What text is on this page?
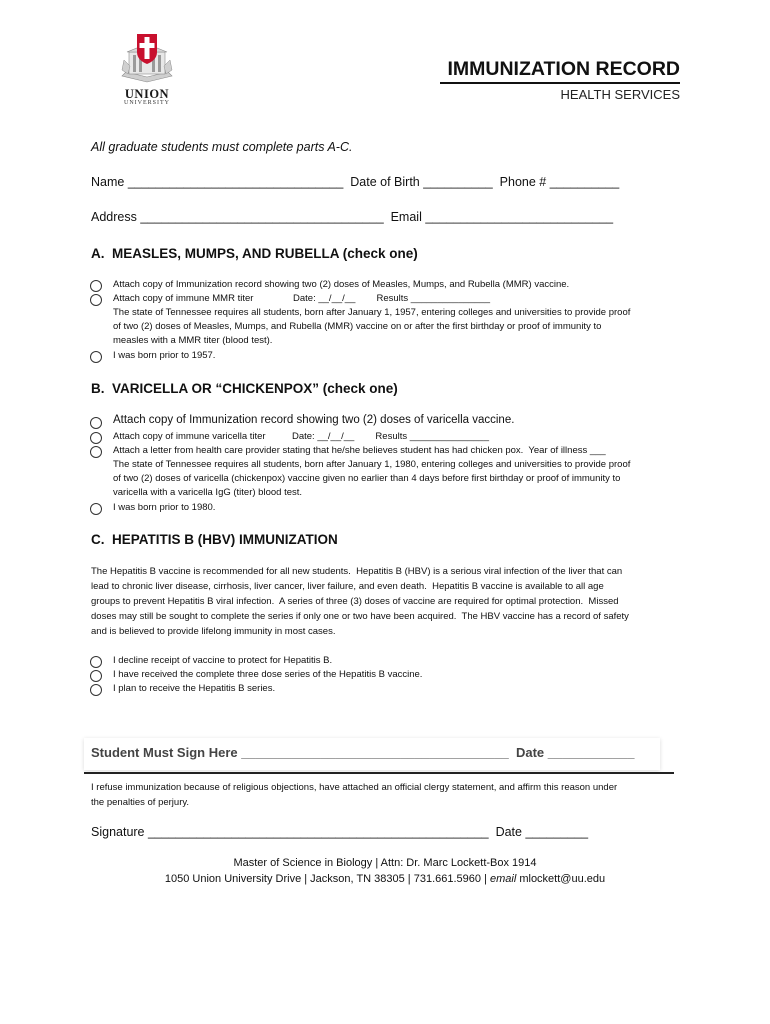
UNION
UNIVERSITY
IMMUNIZATION RECORD
HEALTH SERVICES
All graduate students must complete parts A-C.
Name _______________________________  Date of Birth __________  Phone # __________
Address ___________________________________  Email ___________________________
A.  MEASLES, MUMPS, AND RUBELLA (check one)
Attach copy of Immunization record showing two (2) doses of Measles, Mumps, and Rubella (MMR) vaccine.
Attach copy of immune MMR titer               Date: __/__/__        Results _______________
The state of Tennessee requires all students, born after January 1, 1957, entering colleges and universities to provide proof
of two (2) doses of Measles, Mumps, and Rubella (MMR) vaccine on or after the first birthday or proof of immunity to
measles with a MMR titer (blood test).
I was born prior to 1957.
B.  VARICELLA OR “CHICKENPOX” (check one)
Attach copy of Immunization record showing two (2) doses of varicella vaccine.
Attach copy of immune varicella titer          Date: __/__/__        Results _______________
Attach a letter from health care provider stating that he/she believes student has had chicken pox.  Year of illness ___
The state of Tennessee requires all students, born after January 1, 1980, entering colleges and universities to provide proof
of two (2) doses of varicella (chickenpox) vaccine given no earlier than 4 days before first birthday or proof of immunity to
varicella with a varicella IgG (titer) blood test.
I was born prior to 1980.
C.  HEPATITIS B (HBV) IMMUNIZATION
The Hepatitis B vaccine is recommended for all new students.  Hepatitis B (HBV) is a serious viral infection of the liver that can
lead to chronic liver disease, cirrhosis, liver cancer, liver failure, and even death.  Hepatitis B vaccine is available to all age
groups to prevent Hepatitis B viral infection.  A series of three (3) doses of vaccine are required for optimal protection.  Missed
doses may still be sought to complete the series if only one or two have been acquired.  The HBV vaccine has a record of safety
and is believed to provide lifelong immunity in most cases.
I decline receipt of vaccine to protect for Hepatitis B.
I have received the complete three dose series of the Hepatitis B vaccine.
I plan to receive the Hepatitis B series.
Student Must Sign Here _____________________________________  Date ____________
I refuse immunization because of religious objections, have attached an official clergy statement, and affirm this reason under
the penalties of perjury.
Signature _________________________________________________  Date _________
Master of Science in Biology | Attn: Dr. Marc Lockett-Box 1914
1050 Union University Drive | Jackson, TN 38305 | 731.661.5960 | email mlockett@uu.edu
